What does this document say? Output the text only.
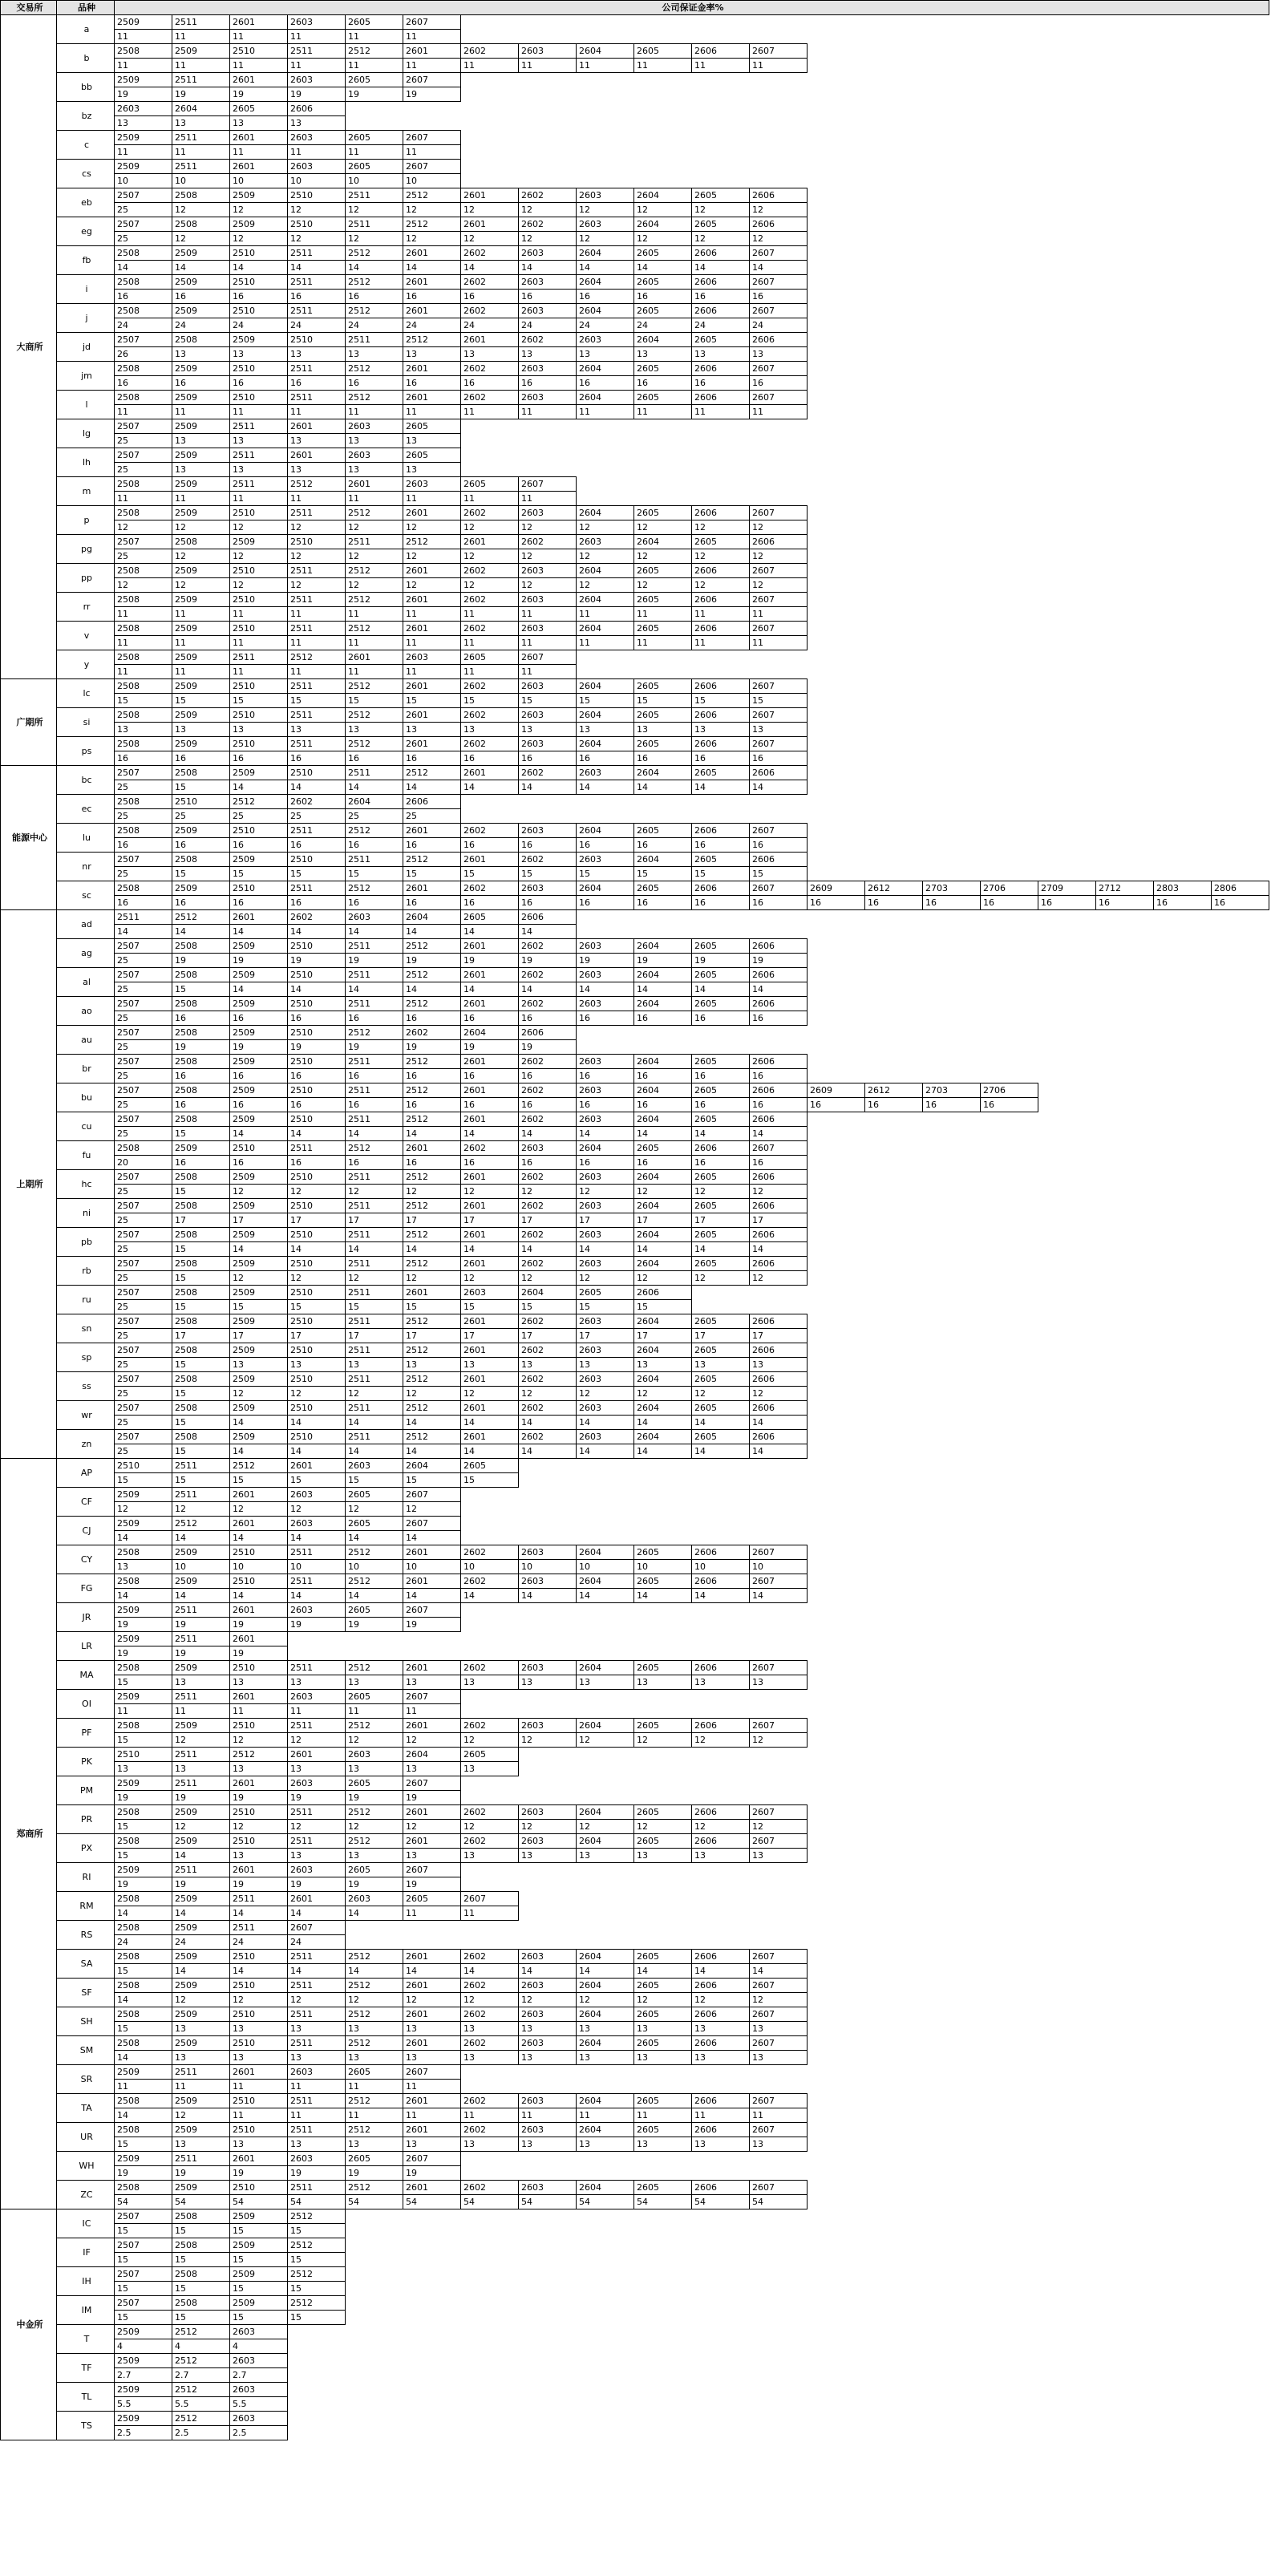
交易所	品种	公司保证金率%																			
大商所	a	2509	2511	2601	2603	2605	2607														
		11	11	11	11	11	11														
	b	2508	2509	2510	2511	2512	2601	2602	2603	2604	2605	2606	2607								
		11	11	11	11	11	11	11	11	11	11	11	11								
	bb	2509	2511	2601	2603	2605	2607														
		19	19	19	19	19	19														
	bz	2603	2604	2605	2606																
		13	13	13	13																
	c	2509	2511	2601	2603	2605	2607														
		11	11	11	11	11	11														
	cs	2509	2511	2601	2603	2605	2607														
		10	10	10	10	10	10														
	eb	2507	2508	2509	2510	2511	2512	2601	2602	2603	2604	2605	2606								
		25	12	12	12	12	12	12	12	12	12	12	12								
	eg	2507	2508	2509	2510	2511	2512	2601	2602	2603	2604	2605	2606								
		25	12	12	12	12	12	12	12	12	12	12	12								
	fb	2508	2509	2510	2511	2512	2601	2602	2603	2604	2605	2606	2607								
		14	14	14	14	14	14	14	14	14	14	14	14								
	i	2508	2509	2510	2511	2512	2601	2602	2603	2604	2605	2606	2607								
		16	16	16	16	16	16	16	16	16	16	16	16								
	j	2508	2509	2510	2511	2512	2601	2602	2603	2604	2605	2606	2607								
		24	24	24	24	24	24	24	24	24	24	24	24								
	jd	2507	2508	2509	2510	2511	2512	2601	2602	2603	2604	2605	2606								
		26	13	13	13	13	13	13	13	13	13	13	13								
	jm	2508	2509	2510	2511	2512	2601	2602	2603	2604	2605	2606	2607								
		16	16	16	16	16	16	16	16	16	16	16	16								
	l	2508	2509	2510	2511	2512	2601	2602	2603	2604	2605	2606	2607								
		11	11	11	11	11	11	11	11	11	11	11	11								
	lg	2507	2509	2511	2601	2603	2605														
		25	13	13	13	13	13														
	lh	2507	2509	2511	2601	2603	2605														
		25	13	13	13	13	13														
	m	2508	2509	2511	2512	2601	2603	2605	2607												
		11	11	11	11	11	11	11	11												
	p	2508	2509	2510	2511	2512	2601	2602	2603	2604	2605	2606	2607								
		12	12	12	12	12	12	12	12	12	12	12	12								
	pg	2507	2508	2509	2510	2511	2512	2601	2602	2603	2604	2605	2606								
		25	12	12	12	12	12	12	12	12	12	12	12								
	pp	2508	2509	2510	2511	2512	2601	2602	2603	2604	2605	2606	2607								
		12	12	12	12	12	12	12	12	12	12	12	12								
	rr	2508	2509	2510	2511	2512	2601	2602	2603	2604	2605	2606	2607								
		11	11	11	11	11	11	11	11	11	11	11	11								
	v	2508	2509	2510	2511	2512	2601	2602	2603	2604	2605	2606	2607								
		11	11	11	11	11	11	11	11	11	11	11	11								
	y	2508	2509	2511	2512	2601	2603	2605	2607												
		11	11	11	11	11	11	11	11												
广期所	lc	2508	2509	2510	2511	2512	2601	2602	2603	2604	2605	2606	2607								
		15	15	15	15	15	15	15	15	15	15	15	15								
	si	2508	2509	2510	2511	2512	2601	2602	2603	2604	2605	2606	2607								
		13	13	13	13	13	13	13	13	13	13	13	13								
	ps	2508	2509	2510	2511	2512	2601	2602	2603	2604	2605	2606	2607								
		16	16	16	16	16	16	16	16	16	16	16	16								
能源中心	bc	2507	2508	2509	2510	2511	2512	2601	2602	2603	2604	2605	2606								
		25	15	14	14	14	14	14	14	14	14	14	14								
	ec	2508	2510	2512	2602	2604	2606														
		25	25	25	25	25	25														
	lu	2508	2509	2510	2511	2512	2601	2602	2603	2604	2605	2606	2607								
		16	16	16	16	16	16	16	16	16	16	16	16								
	nr	2507	2508	2509	2510	2511	2512	2601	2602	2603	2604	2605	2606								
		25	15	15	15	15	15	15	15	15	15	15	15								
	sc	2508	2509	2510	2511	2512	2601	2602	2603	2604	2605	2606	2607	2609	2612	2703	2706	2709	2712	2803	2806
		16	16	16	16	16	16	16	16	16	16	16	16	16	16	16	16	16	16	16	16
上期所	ad	2511	2512	2601	2602	2603	2604	2605	2606												
		14	14	14	14	14	14	14	14												
	ag	2507	2508	2509	2510	2511	2512	2601	2602	2603	2604	2605	2606								
		25	19	19	19	19	19	19	19	19	19	19	19								
	al	2507	2508	2509	2510	2511	2512	2601	2602	2603	2604	2605	2606								
		25	15	14	14	14	14	14	14	14	14	14	14								
	ao	2507	2508	2509	2510	2511	2512	2601	2602	2603	2604	2605	2606								
		25	16	16	16	16	16	16	16	16	16	16	16								
	au	2507	2508	2509	2510	2512	2602	2604	2606												
		25	19	19	19	19	19	19	19												
	br	2507	2508	2509	2510	2511	2512	2601	2602	2603	2604	2605	2606								
		25	16	16	16	16	16	16	16	16	16	16	16								
	bu	2507	2508	2509	2510	2511	2512	2601	2602	2603	2604	2605	2606	2609	2612	2703	2706				
		25	16	16	16	16	16	16	16	16	16	16	16	16	16	16	16				
	cu	2507	2508	2509	2510	2511	2512	2601	2602	2603	2604	2605	2606								
		25	15	14	14	14	14	14	14	14	14	14	14								
	fu	2508	2509	2510	2511	2512	2601	2602	2603	2604	2605	2606	2607								
		20	16	16	16	16	16	16	16	16	16	16	16								
	hc	2507	2508	2509	2510	2511	2512	2601	2602	2603	2604	2605	2606								
		25	15	12	12	12	12	12	12	12	12	12	12								
	ni	2507	2508	2509	2510	2511	2512	2601	2602	2603	2604	2605	2606								
		25	17	17	17	17	17	17	17	17	17	17	17								
	pb	2507	2508	2509	2510	2511	2512	2601	2602	2603	2604	2605	2606								
		25	15	14	14	14	14	14	14	14	14	14	14								
	rb	2507	2508	2509	2510	2511	2512	2601	2602	2603	2604	2605	2606								
		25	15	12	12	12	12	12	12	12	12	12	12								
	ru	2507	2508	2509	2510	2511	2601	2603	2604	2605	2606										
		25	15	15	15	15	15	15	15	15	15										
	sn	2507	2508	2509	2510	2511	2512	2601	2602	2603	2604	2605	2606								
		25	17	17	17	17	17	17	17	17	17	17	17								
	sp	2507	2508	2509	2510	2511	2512	2601	2602	2603	2604	2605	2606								
		25	15	13	13	13	13	13	13	13	13	13	13								
	ss	2507	2508	2509	2510	2511	2512	2601	2602	2603	2604	2605	2606								
		25	15	12	12	12	12	12	12	12	12	12	12								
	wr	2507	2508	2509	2510	2511	2512	2601	2602	2603	2604	2605	2606								
		25	15	14	14	14	14	14	14	14	14	14	14								
	zn	2507	2508	2509	2510	2511	2512	2601	2602	2603	2604	2605	2606								
		25	15	14	14	14	14	14	14	14	14	14	14								
郑商所	AP	2510	2511	2512	2601	2603	2604	2605													
		15	15	15	15	15	15	15													
	CF	2509	2511	2601	2603	2605	2607														
		12	12	12	12	12	12														
	CJ	2509	2512	2601	2603	2605	2607														
		14	14	14	14	14	14														
	CY	2508	2509	2510	2511	2512	2601	2602	2603	2604	2605	2606	2607								
		13	10	10	10	10	10	10	10	10	10	10	10								
	FG	2508	2509	2510	2511	2512	2601	2602	2603	2604	2605	2606	2607								
		14	14	14	14	14	14	14	14	14	14	14	14								
	JR	2509	2511	2601	2603	2605	2607														
		19	19	19	19	19	19														
	LR	2509	2511	2601																	
		19	19	19																	
	MA	2508	2509	2510	2511	2512	2601	2602	2603	2604	2605	2606	2607								
		15	13	13	13	13	13	13	13	13	13	13	13								
	OI	2509	2511	2601	2603	2605	2607														
		11	11	11	11	11	11														
	PF	2508	2509	2510	2511	2512	2601	2602	2603	2604	2605	2606	2607								
		15	12	12	12	12	12	12	12	12	12	12	12								
	PK	2510	2511	2512	2601	2603	2604	2605													
		13	13	13	13	13	13	13													
	PM	2509	2511	2601	2603	2605	2607														
		19	19	19	19	19	19														
	PR	2508	2509	2510	2511	2512	2601	2602	2603	2604	2605	2606	2607								
		15	12	12	12	12	12	12	12	12	12	12	12								
	PX	2508	2509	2510	2511	2512	2601	2602	2603	2604	2605	2606	2607								
		15	14	13	13	13	13	13	13	13	13	13	13								
	RI	2509	2511	2601	2603	2605	2607														
		19	19	19	19	19	19														
	RM	2508	2509	2511	2601	2603	2605	2607													
		14	14	14	14	14	11	11													
	RS	2508	2509	2511	2607																
		24	24	24	24																
	SA	2508	2509	2510	2511	2512	2601	2602	2603	2604	2605	2606	2607								
		15	14	14	14	14	14	14	14	14	14	14	14								
	SF	2508	2509	2510	2511	2512	2601	2602	2603	2604	2605	2606	2607								
		14	12	12	12	12	12	12	12	12	12	12	12								
	SH	2508	2509	2510	2511	2512	2601	2602	2603	2604	2605	2606	2607								
		15	13	13	13	13	13	13	13	13	13	13	13								
	SM	2508	2509	2510	2511	2512	2601	2602	2603	2604	2605	2606	2607								
		14	13	13	13	13	13	13	13	13	13	13	13								
	SR	2509	2511	2601	2603	2605	2607														
		11	11	11	11	11	11														
	TA	2508	2509	2510	2511	2512	2601	2602	2603	2604	2605	2606	2607								
		14	12	11	11	11	11	11	11	11	11	11	11								
	UR	2508	2509	2510	2511	2512	2601	2602	2603	2604	2605	2606	2607								
		15	13	13	13	13	13	13	13	13	13	13	13								
	WH	2509	2511	2601	2603	2605	2607														
		19	19	19	19	19	19														
	ZC	2508	2509	2510	2511	2512	2601	2602	2603	2604	2605	2606	2607								
		54	54	54	54	54	54	54	54	54	54	54	54								
中金所	IC	2507	2508	2509	2512																
		15	15	15	15																
	IF	2507	2508	2509	2512																
		15	15	15	15																
	IH	2507	2508	2509	2512																
		15	15	15	15																
	IM	2507	2508	2509	2512																
		15	15	15	15																
	T	2509	2512	2603																	
		4	4	4																	
	TF	2509	2512	2603																	
		2.7	2.7	2.7																	
	TL	2509	2512	2603																	
		5.5	5.5	5.5																	
	TS	2509	2512	2603																	
		2.5	2.5	2.5																	
